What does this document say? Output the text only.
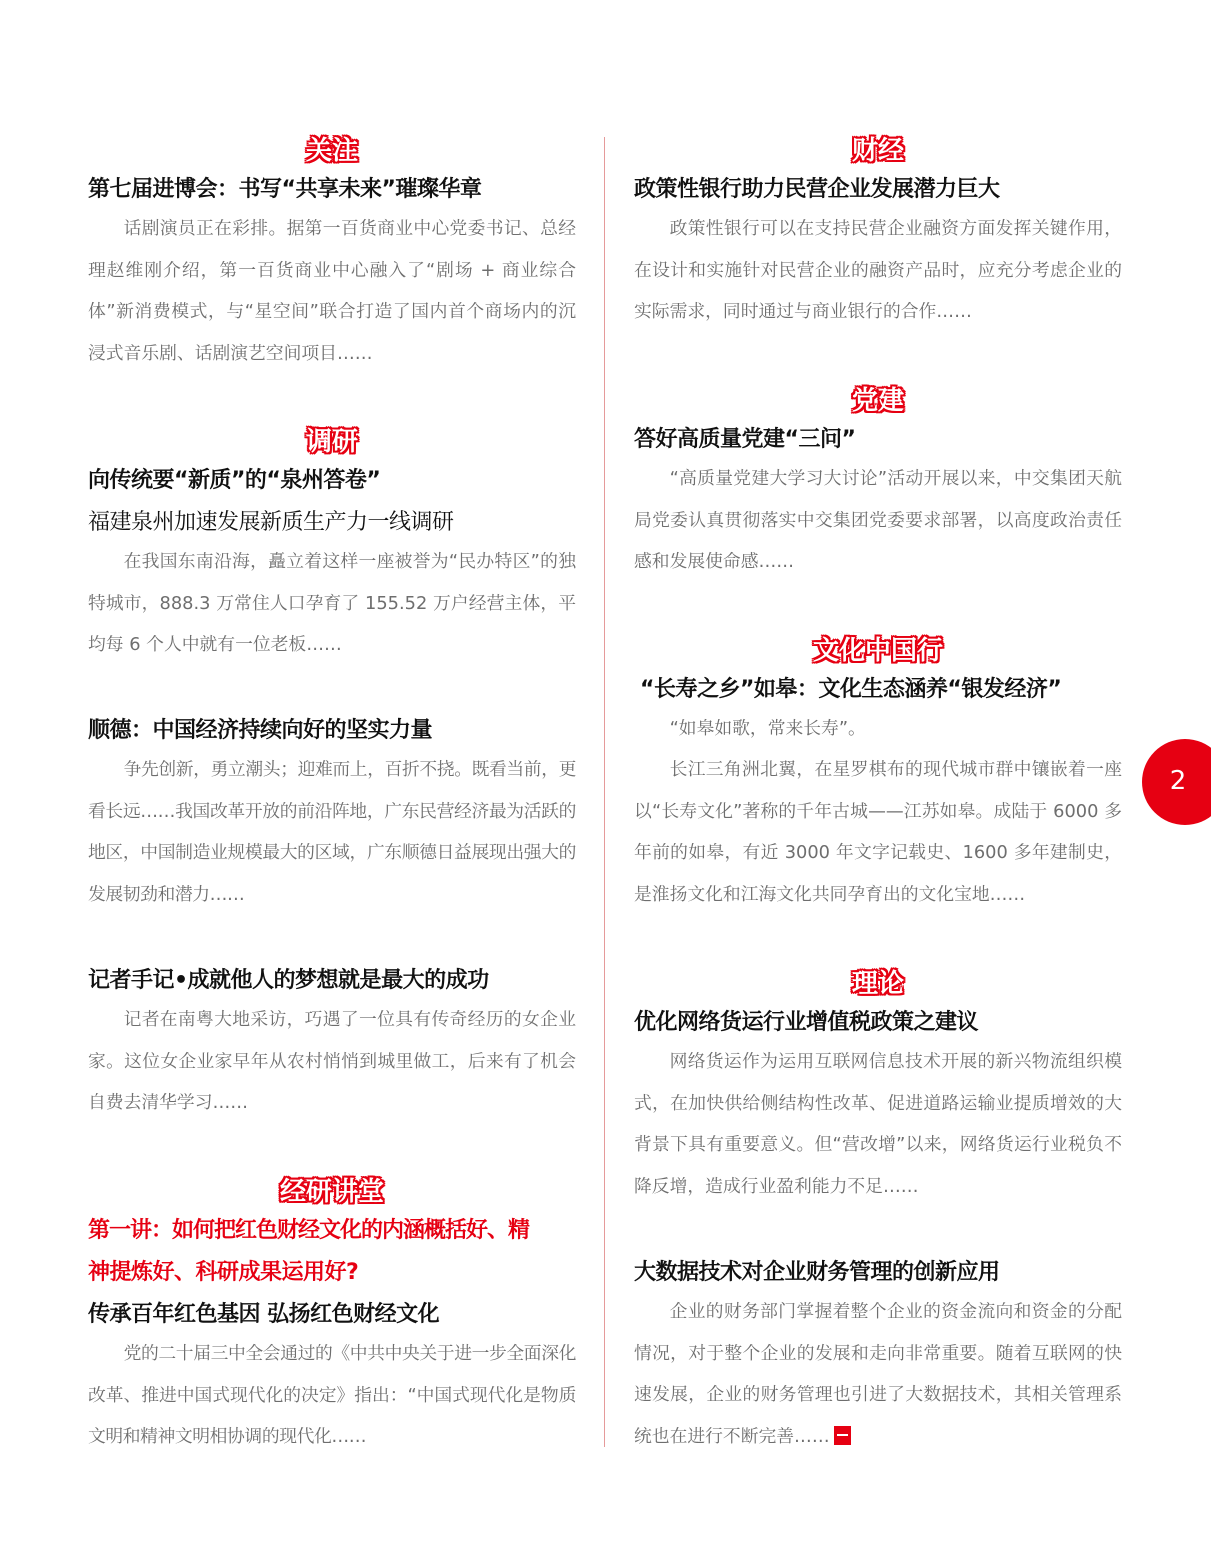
关注
第七届进博会：书写“共享未来”璀璨华章

话剧演员正在彩排。据第一百货商业中心党委书记、总经理赵维刚介绍，第一百货商业中心融入了“剧场 + 商业综合体”新消费模式，与“星空间”联合打造了国内首个商场内的沉浸式音乐剧、话剧演艺空间项目……

调研
向传统要“新质”的“泉州答卷”
福建泉州加速发展新质生产力一线调研

在我国东南沿海，矗立着这样一座被誉为“民办特区”的独特城市，888.3 万常住人口孕育了 155.52 万户经营主体，平均每 6 个人中就有一位老板……

顺德：中国经济持续向好的坚实力量

争先创新，勇立潮头；迎难而上，百折不挠。既看当前，更看长远……我国改革开放的前沿阵地，广东民营经济最为活跃的地区，中国制造业规模最大的区域，广东顺德日益展现出强大的发展韧劲和潜力……

记者手记•成就他人的梦想就是最大的成功

记者在南粤大地采访，巧遇了一位具有传奇经历的女企业家。这位女企业家早年从农村悄悄到城里做工，后来有了机会自费去清华学习……

经研讲堂
第一讲：如何把红色财经文化的内涵概括好、精
神提炼好、科研成果运用好?
传承百年红色基因 弘扬红色财经文化

党的二十届三中全会通过的《中共中央关于进一步全面深化改革、推进中国式现代化的决定》指出：“中国式现代化是物质文明和精神文明相协调的现代化……

财经
政策性银行助力民营企业发展潜力巨大

政策性银行可以在支持民营企业融资方面发挥关键作用，在设计和实施针对民营企业的融资产品时，应充分考虑企业的实际需求，同时通过与商业银行的合作……

党建
答好高质量党建“三问”

“高质量党建大学习大讨论”活动开展以来，中交集团天航局党委认真贯彻落实中交集团党委要求部署，以高度政治责任感和发展使命感……

文化中国行
“长寿之乡”如皋：文化生态涵养“银发经济”

“如皋如歌，常来长寿”。

长江三角洲北翼，在星罗棋布的现代城市群中镶嵌着一座以“长寿文化”著称的千年古城——江苏如皋。成陆于 6000 多年前的如皋，有近 3000 年文字记载史、1600 多年建制史，是淮扬文化和江海文化共同孕育出的文化宝地……

理论
优化网络货运行业增值税政策之建议

网络货运作为运用互联网信息技术开展的新兴物流组织模式，在加快供给侧结构性改革、促进道路运输业提质增效的大背景下具有重要意义。但“营改增”以来，网络货运行业税负不降反增，造成行业盈利能力不足……

大数据技术对企业财务管理的创新应用

企业的财务部门掌握着整个企业的资金流向和资金的分配情况，对于整个企业的发展和走向非常重要。随着互联网的快速发展，企业的财务管理也引进了大数据技术，其相关管理系统也在进行不断完善……

2
